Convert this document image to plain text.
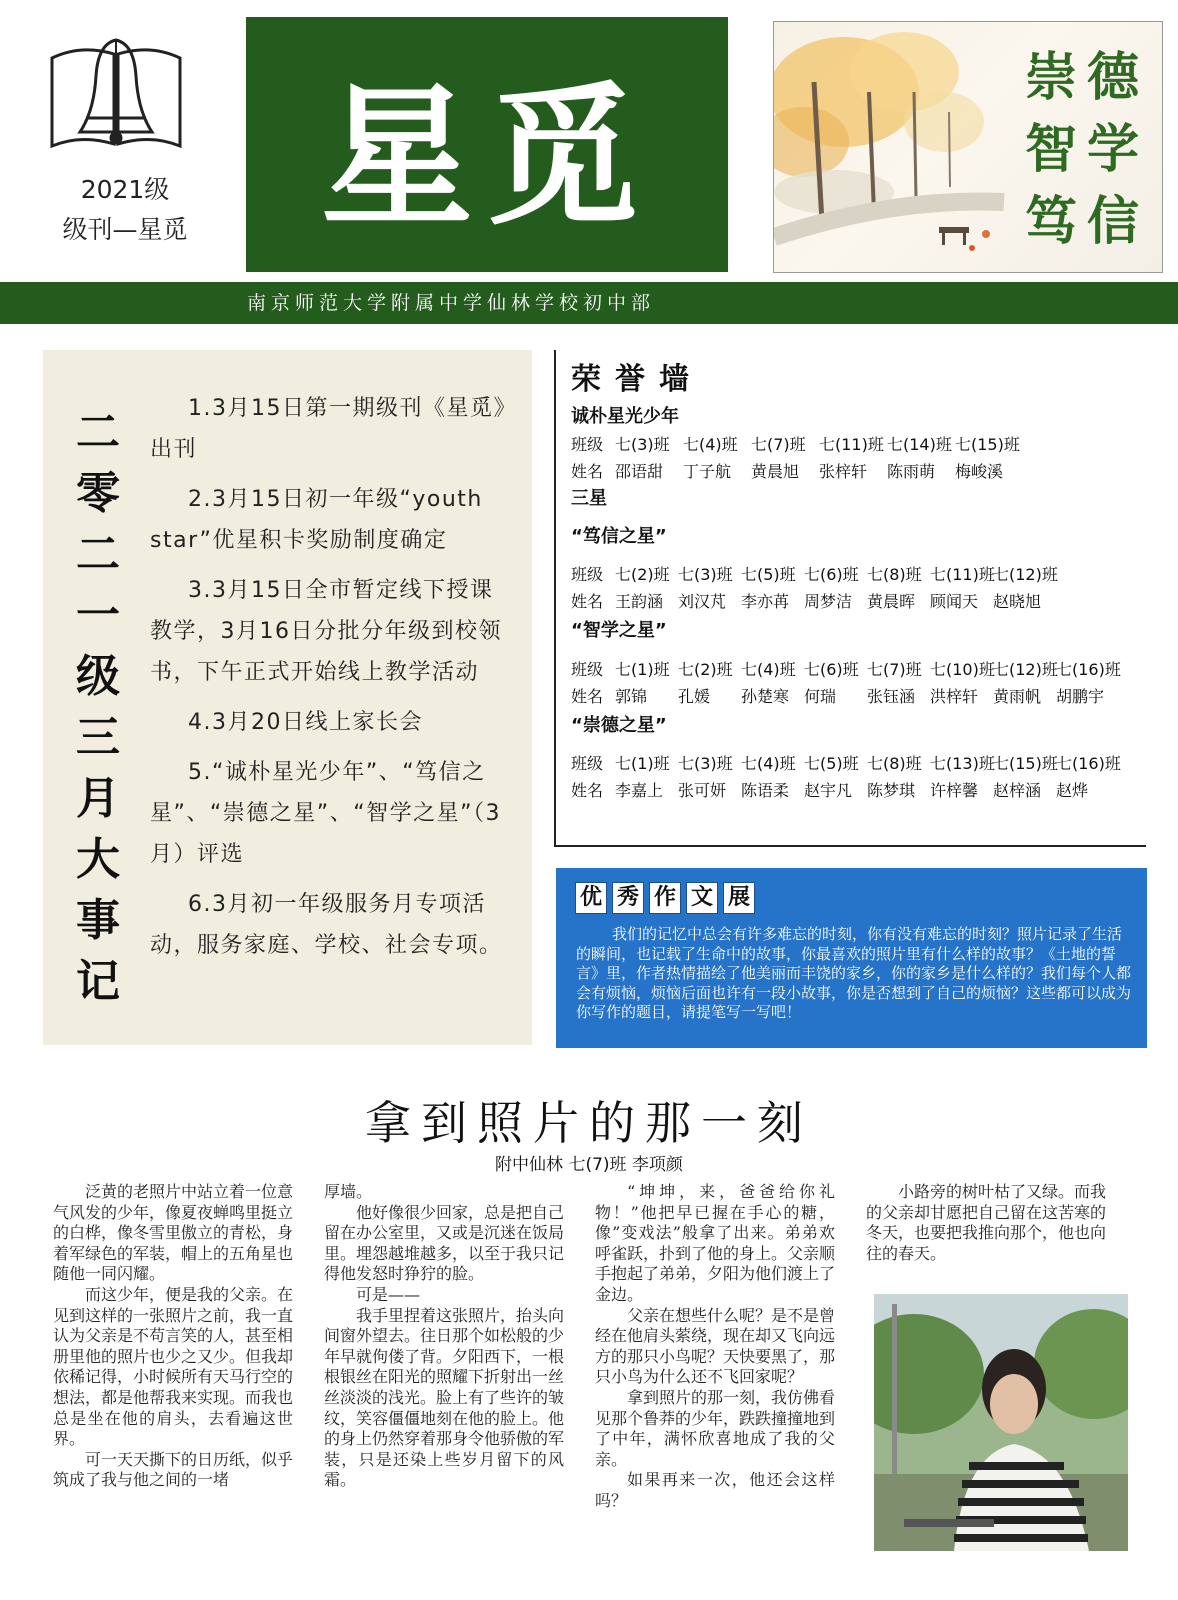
2021级
级刊—星觅 星觅	崇 德
智 学
笃 信
南京师范大学附属中学仙林学校初中部
二
零
二
一
级
三
月
大
事
记

1.3月15日第一期级刊《星觅》出刊

2.3月15日初一年级“youth star”优星积卡奖励制度确定

3.3月15日全市暂定线下授课教学，3月16日分批分年级到校领书，下午正式开始线上教学活动

4.3月20日线上家长会

5.“诚朴星光少年”、“笃信之星”、“崇德之星”、“智学之星”（3月）评选

6.3月初一年级服务月专项活动，服务家庭、学校、社会专项。

荣誉墙
诚朴星光少年
班级 七(3)班 七(4)班 七(7)班 七(11)班 七(14)班 七(15)班
姓名 邵语甜 丁子航 黄晨旭 张梓轩 陈雨萌 梅峻溪
三星
“笃信之星”
班级 七(2)班 七(3)班 七(5)班 七(6)班 七(8)班 七(11)班七(12)班
姓名 王韵涵 刘汉芃 李亦苒 周梦洁 黄晨晖 顾闻天 赵晓旭
“智学之星”
班级 七(1)班 七(2)班 七(4)班 七(6)班 七(7)班 七(10)班七(12)班七(16)班
姓名 郭锦 孔媛 孙楚寒 何瑞 张钰涵 洪梓轩 黄雨帆 胡鹏宇
“崇德之星”
班级 七(1)班 七(3)班 七(4)班 七(5)班 七(8)班 七(13)班七(15)班七(16)班
姓名 李嘉上 张可妍 陈语柔 赵宇凡 陈梦琪 许梓馨 赵梓涵 赵烨
优 秀 作 文 展
我们的记忆中总会有许多难忘的时刻，你有没有难忘的时刻？照片记录了生活的瞬间，也记载了生命中的故事，你最喜欢的照片里有什么样的故事？《土地的誓言》里，作者热情描绘了他美丽而丰饶的家乡，你的家乡是什么样的？我们每个人都会有烦恼，烦恼后面也许有一段小故事，你是否想到了自己的烦恼？这些都可以成为你写作的题目，请提笔写一写吧！
拿到照片的那一刻
附中仙林 七(7)班 李项颜

泛黄的老照片中站立着一位意气风发的少年，像夏夜蝉鸣里挺立的白桦，像冬雪里傲立的青松，身着军绿色的军装，帽上的五角星也随他一同闪耀。

而这少年，便是我的父亲。在见到这样的一张照片之前，我一直认为父亲是不苟言笑的人，甚至相册里他的照片也少之又少。但我却依稀记得，小时候所有天马行空的想法，都是他帮我来实现。而我也总是坐在他的肩头，去看遍这世界。

可一天天撕下的日历纸，似乎筑成了我与他之间的一堵

厚墙。

他好像很少回家，总是把自己留在办公室里，又或是沉迷在饭局里。埋怨越堆越多，以至于我只记得他发怒时狰狞的脸。

可是——

我手里捏着这张照片，抬头向间窗外望去。往日那个如松般的少年早就佝偻了背。夕阳西下，一根根银丝在阳光的照耀下折射出一丝丝淡淡的浅光。脸上有了些许的皱纹，笑容僵僵地刻在他的脸上。他的身上仍然穿着那身令他骄傲的军装，只是还染上些岁月留下的风霜。

“坤坤，来，爸爸给你礼物！”他把早已握在手心的糖，像”变戏法”般拿了出来。弟弟欢呼雀跃，扑到了他的身上。父亲顺手抱起了弟弟，夕阳为他们渡上了金边。

父亲在想些什么呢？是不是曾经在他肩头萦绕，现在却又飞向远方的那只小鸟呢？天快要黑了，那只小鸟为什么还不飞回家呢？

拿到照片的那一刻，我仿佛看见那个鲁莽的少年，跌跌撞撞地到了中年，满怀欣喜地成了我的父亲。

如果再来一次，他还会这样吗？

小路旁的树叶枯了又绿。而我的父亲却甘愿把自己留在这苦寒的冬天，也要把我推向那个，他也向往的春天。
